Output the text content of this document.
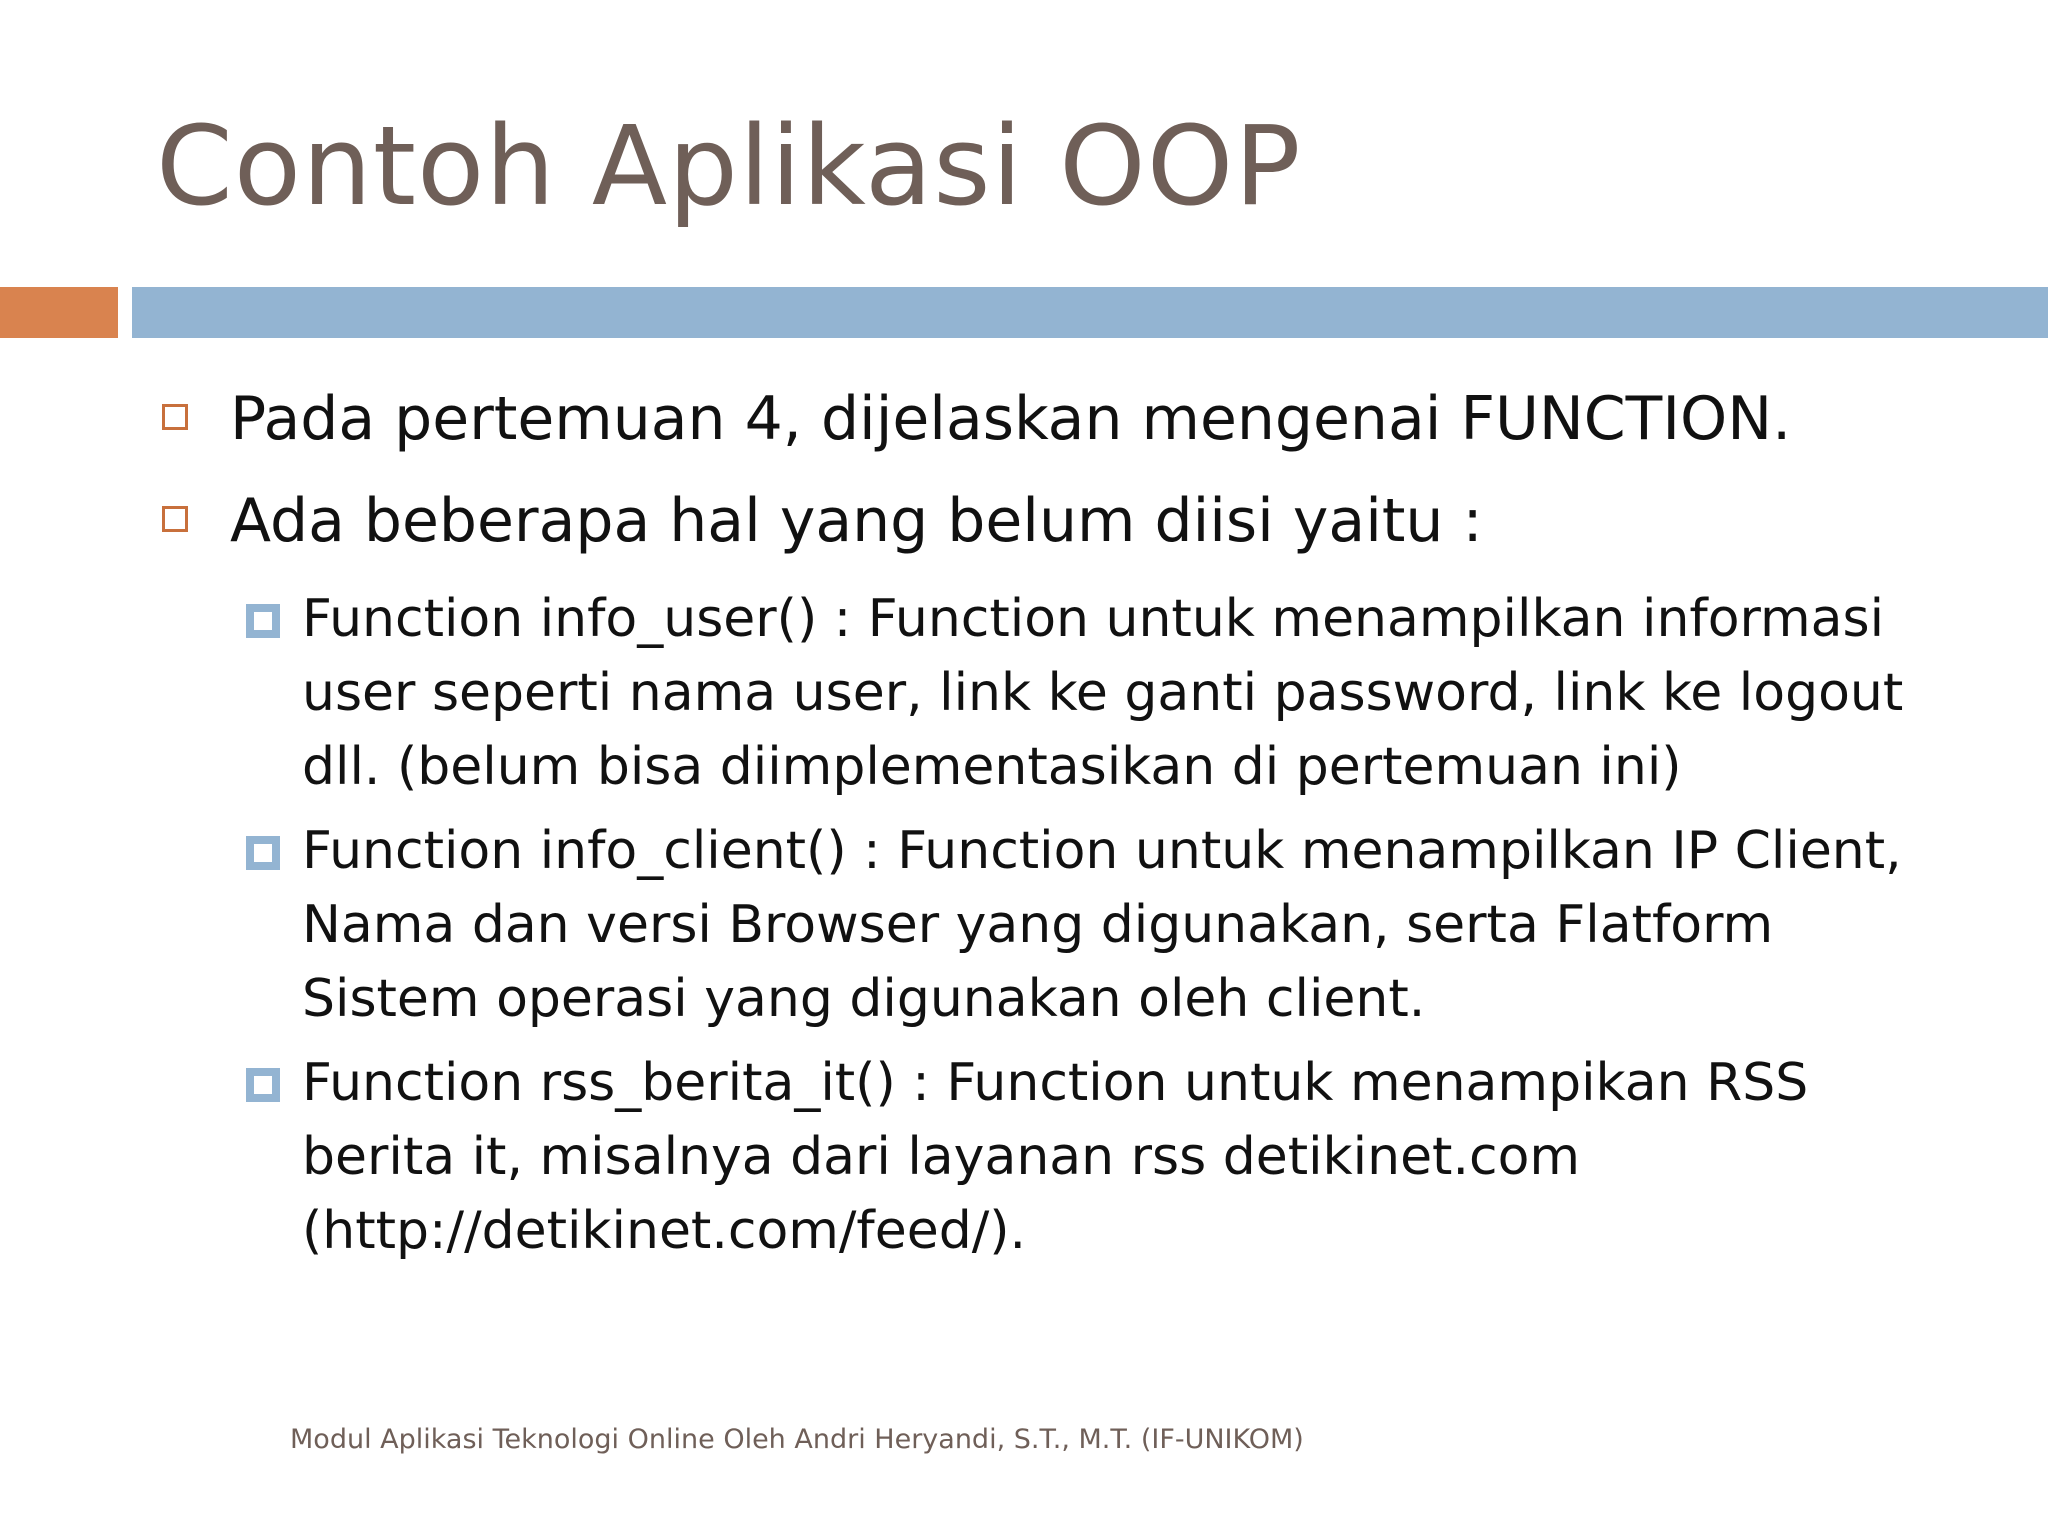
Contoh Aplikasi OOP
Pada pertemuan 4, dijelaskan mengenai FUNCTION.
Ada beberapa hal yang belum diisi yaitu :
Function info_user() : Function untuk menampilkan informasi
user seperti nama user, link ke ganti password, link ke logout
dll. (belum bisa diimplementasikan di pertemuan ini)
Function info_client() : Function untuk menampilkan IP Client,
Nama dan versi Browser yang digunakan, serta Flatform
Sistem operasi yang digunakan oleh client.
Function rss_berita_it() : Function untuk menampikan RSS
berita it, misalnya dari layanan rss detikinet.com
(http://detikinet.com/feed/).
Modul Aplikasi Teknologi Online Oleh Andri Heryandi, S.T., M.T. (IF-UNIKOM)
